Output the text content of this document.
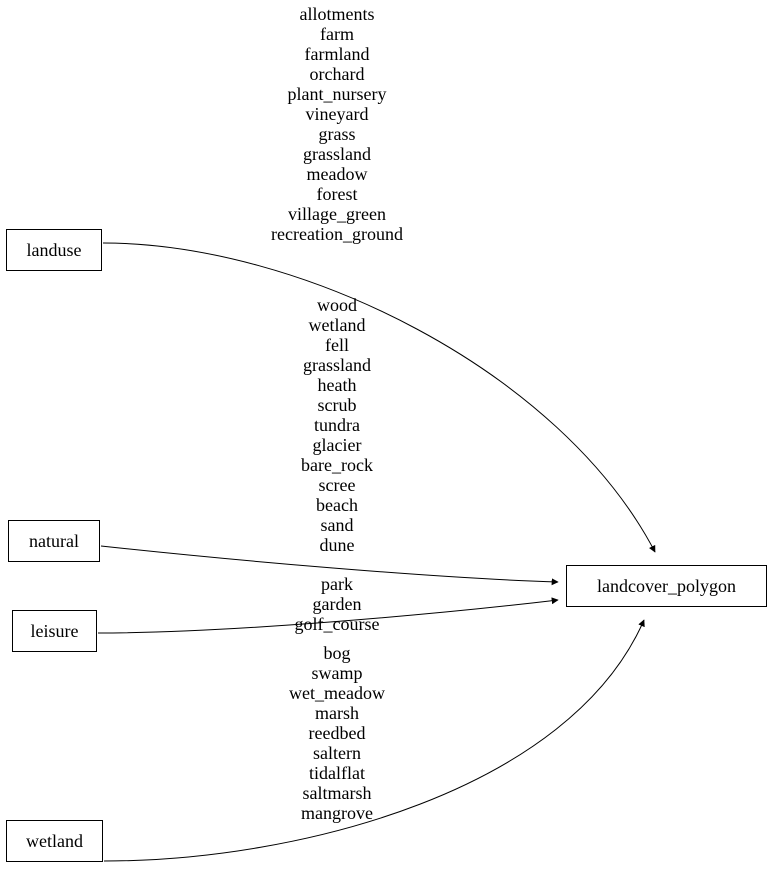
landuse
natural
leisure
wetland
landcover_polygon
allotments
farm
farmland
orchard
plant_nursery
vineyard
grass
grassland
meadow
forest
village_green
recreation_ground
wood
wetland
fell
grassland
heath
scrub
tundra
glacier
bare_rock
scree
beach
sand
dune
park
garden
golf_course
bog
swamp
wet_meadow
marsh
reedbed
saltern
tidalflat
saltmarsh
mangrove
